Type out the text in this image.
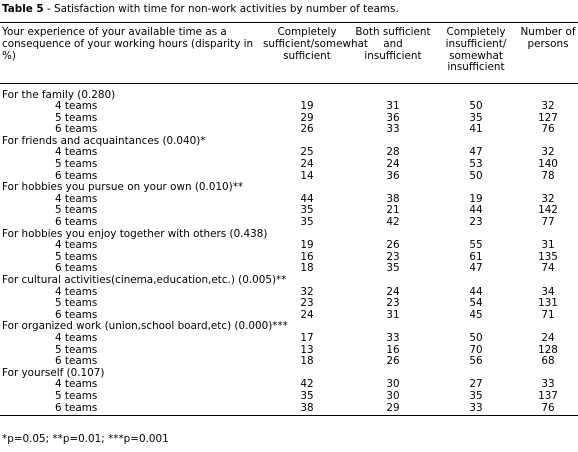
Table 5 - Satisfaction with time for non-work activities by number of teams.
Your experience of your available time as a consequence of your working hours (disparity in %)	Completely sufficient/somewhat sufficient	Both sufficient and insufficient	Completely insufficient/ somewhat insufficient	Number of persons

For the family (0.280)				
4 teams	19	31	50	32
5 teams	29	36	35	127
6 teams	26	33	41	76
For friends and acquaintances (0.040)*				
4 teams	25	28	47	32
5 teams	24	24	53	140
6 teams	14	36	50	78
For hobbies you pursue on your own (0.010)**				
4 teams	44	38	19	32
5 teams	35	21	44	142
6 teams	35	42	23	77
For hobbies you enjoy together with others (0.438)				
4 teams	19	26	55	31
5 teams	16	23	61	135
6 teams	18	35	47	74
For cultural activities(cinema,education,etc.) (0.005)**				
4 teams	32	24	44	34
5 teams	23	23	54	131
6 teams	24	31	45	71
For organized work (union,school board,etc) (0.000)***				
4 teams	17	33	50	24
5 teams	13	16	70	128
6 teams	18	26	56	68
For yourself (0.107)				
4 teams	42	30	27	33
5 teams	35	30	35	137
6 teams	38	29	33	76
*p=0.05; **p=0.01; ***p=0.001
